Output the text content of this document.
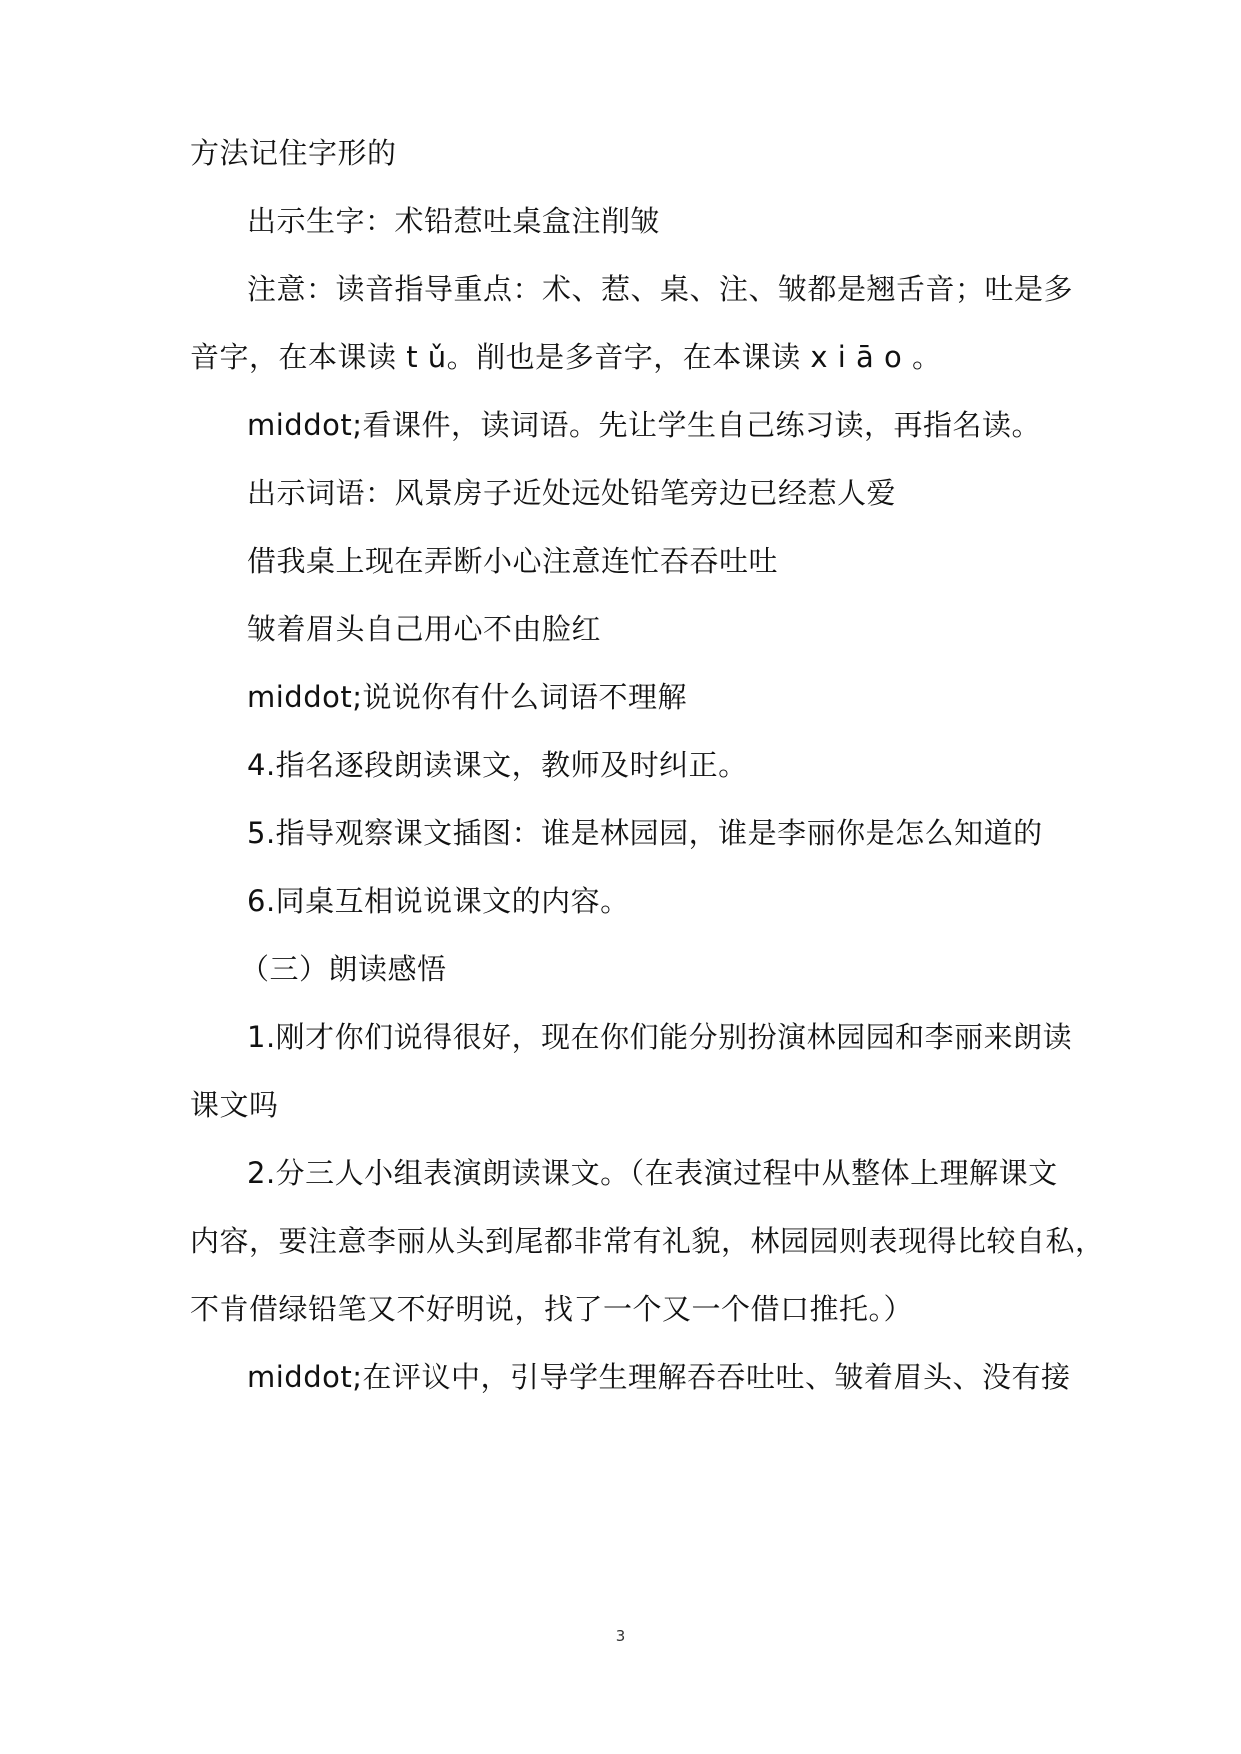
方法记住字形的
出示生字：术铅惹吐桌盒注削皱
注意：读音指导重点：术、惹、桌、注、皱都是翘舌音；吐是多
音字，在本课读 t ǔ。削也是多音字，在本课读 x i ā o 。
middot;看课件，读词语。先让学生自己练习读，再指名读。
出示词语：风景房子近处远处铅笔旁边已经惹人爱
借我桌上现在弄断小心注意连忙吞吞吐吐
皱着眉头自己用心不由脸红
middot;说说你有什么词语不理解
4.指名逐段朗读课文，教师及时纠正。
5.指导观察课文插图：谁是林园园，谁是李丽你是怎么知道的
6.同桌互相说说课文的内容。
（三）朗读感悟
1.刚才你们说得很好，现在你们能分别扮演林园园和李丽来朗读
课文吗
2.分三人小组表演朗读课文。（在表演过程中从整体上理解课文
内容，要注意李丽从头到尾都非常有礼貌，林园园则表现得比较自私，
不肯借绿铅笔又不好明说，找了一个又一个借口推托。）
middot;在评议中，引导学生理解吞吞吐吐、皱着眉头、没有接
3
